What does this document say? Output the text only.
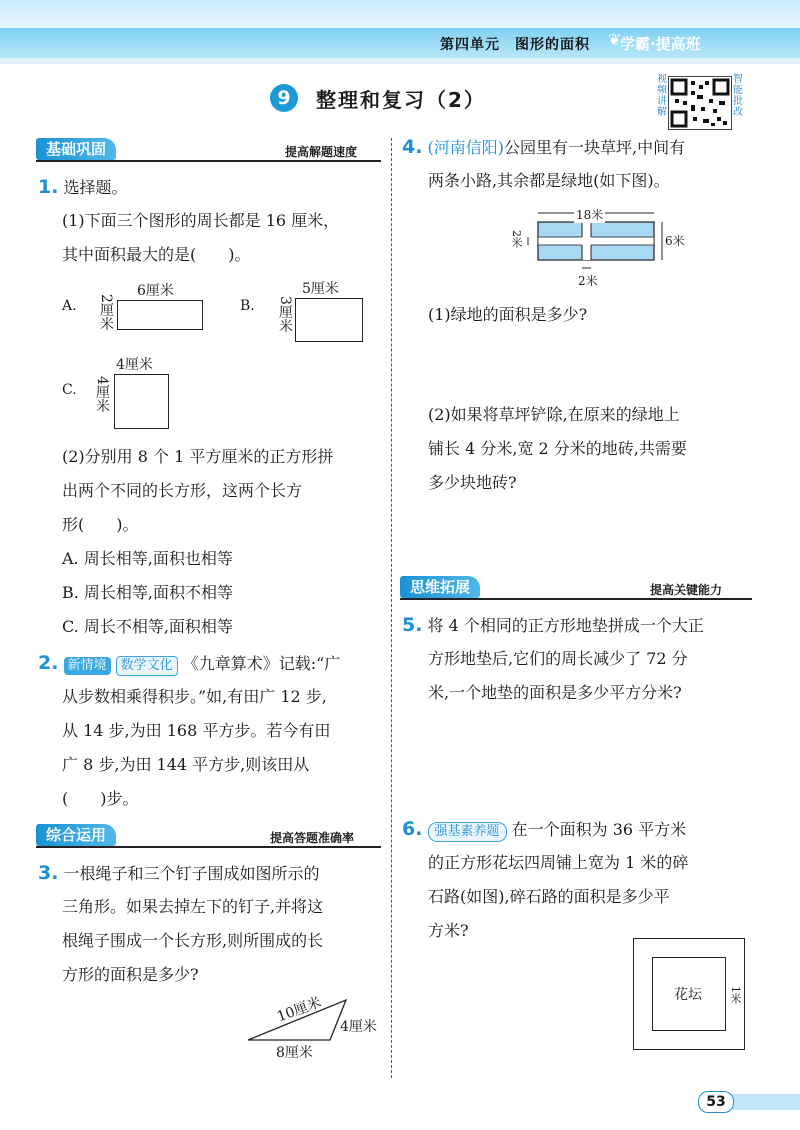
第四单元　图形的面积 ❦
学霸·提高班
9	整理和复习（2）
视频讲解
智能批改
基础巩固	提高解题速度
1. 选择题。
(1)下面三个图形的周长都是 16 厘米，
其中面积最大的是(　　)。
A.
6厘米
2厘米	B.
5厘米
3厘米
C.
4厘米
4厘米
(2)分别用 8 个 1 平方厘米的正方形拼
出两个不同的长方形，这两个长方
形(　　)。
A. 周长相等,面积也相等
B. 周长相等,面积不相等
C. 周长不相等,面积相等
2. 新情境 数学文化 《九章算术》记载:“广
从步数相乘得积步。”如,有田广 12 步,
从 14 步,为田 168 平方步。若今有田
广 8 步,为田 144 平方步,则该田从
(　　)步。
综合运用	提高答题准确率
3. 一根绳子和三个钉子围成如图所示的
三角形。如果去掉左下的钉子,并将这
根绳子围成一个长方形,则所围成的长
方形的面积是多少?
10厘米
4厘米
8厘米
4. (河南信阳)公园里有一块草坪,中间有
两条小路,其余都是绿地(如下图)。
18米
2米	6米
2米
(1)绿地的面积是多少?
(2)如果将草坪铲除,在原来的绿地上
铺长 4 分米,宽 2 分米的地砖,共需要
多少块地砖?
思维拓展	提高关键能力
5. 将 4 个相同的正方形地垫拼成一个大正
方形地垫后,它们的周长减少了 72 分
米,一个地垫的面积是多少平方分米?
6. 强基素养题 在一个面积为 36 平方米
的正方形花坛四周铺上宽为 1 米的碎
石路(如图),碎石路的面积是多少平
方米?
花坛 1米
53
